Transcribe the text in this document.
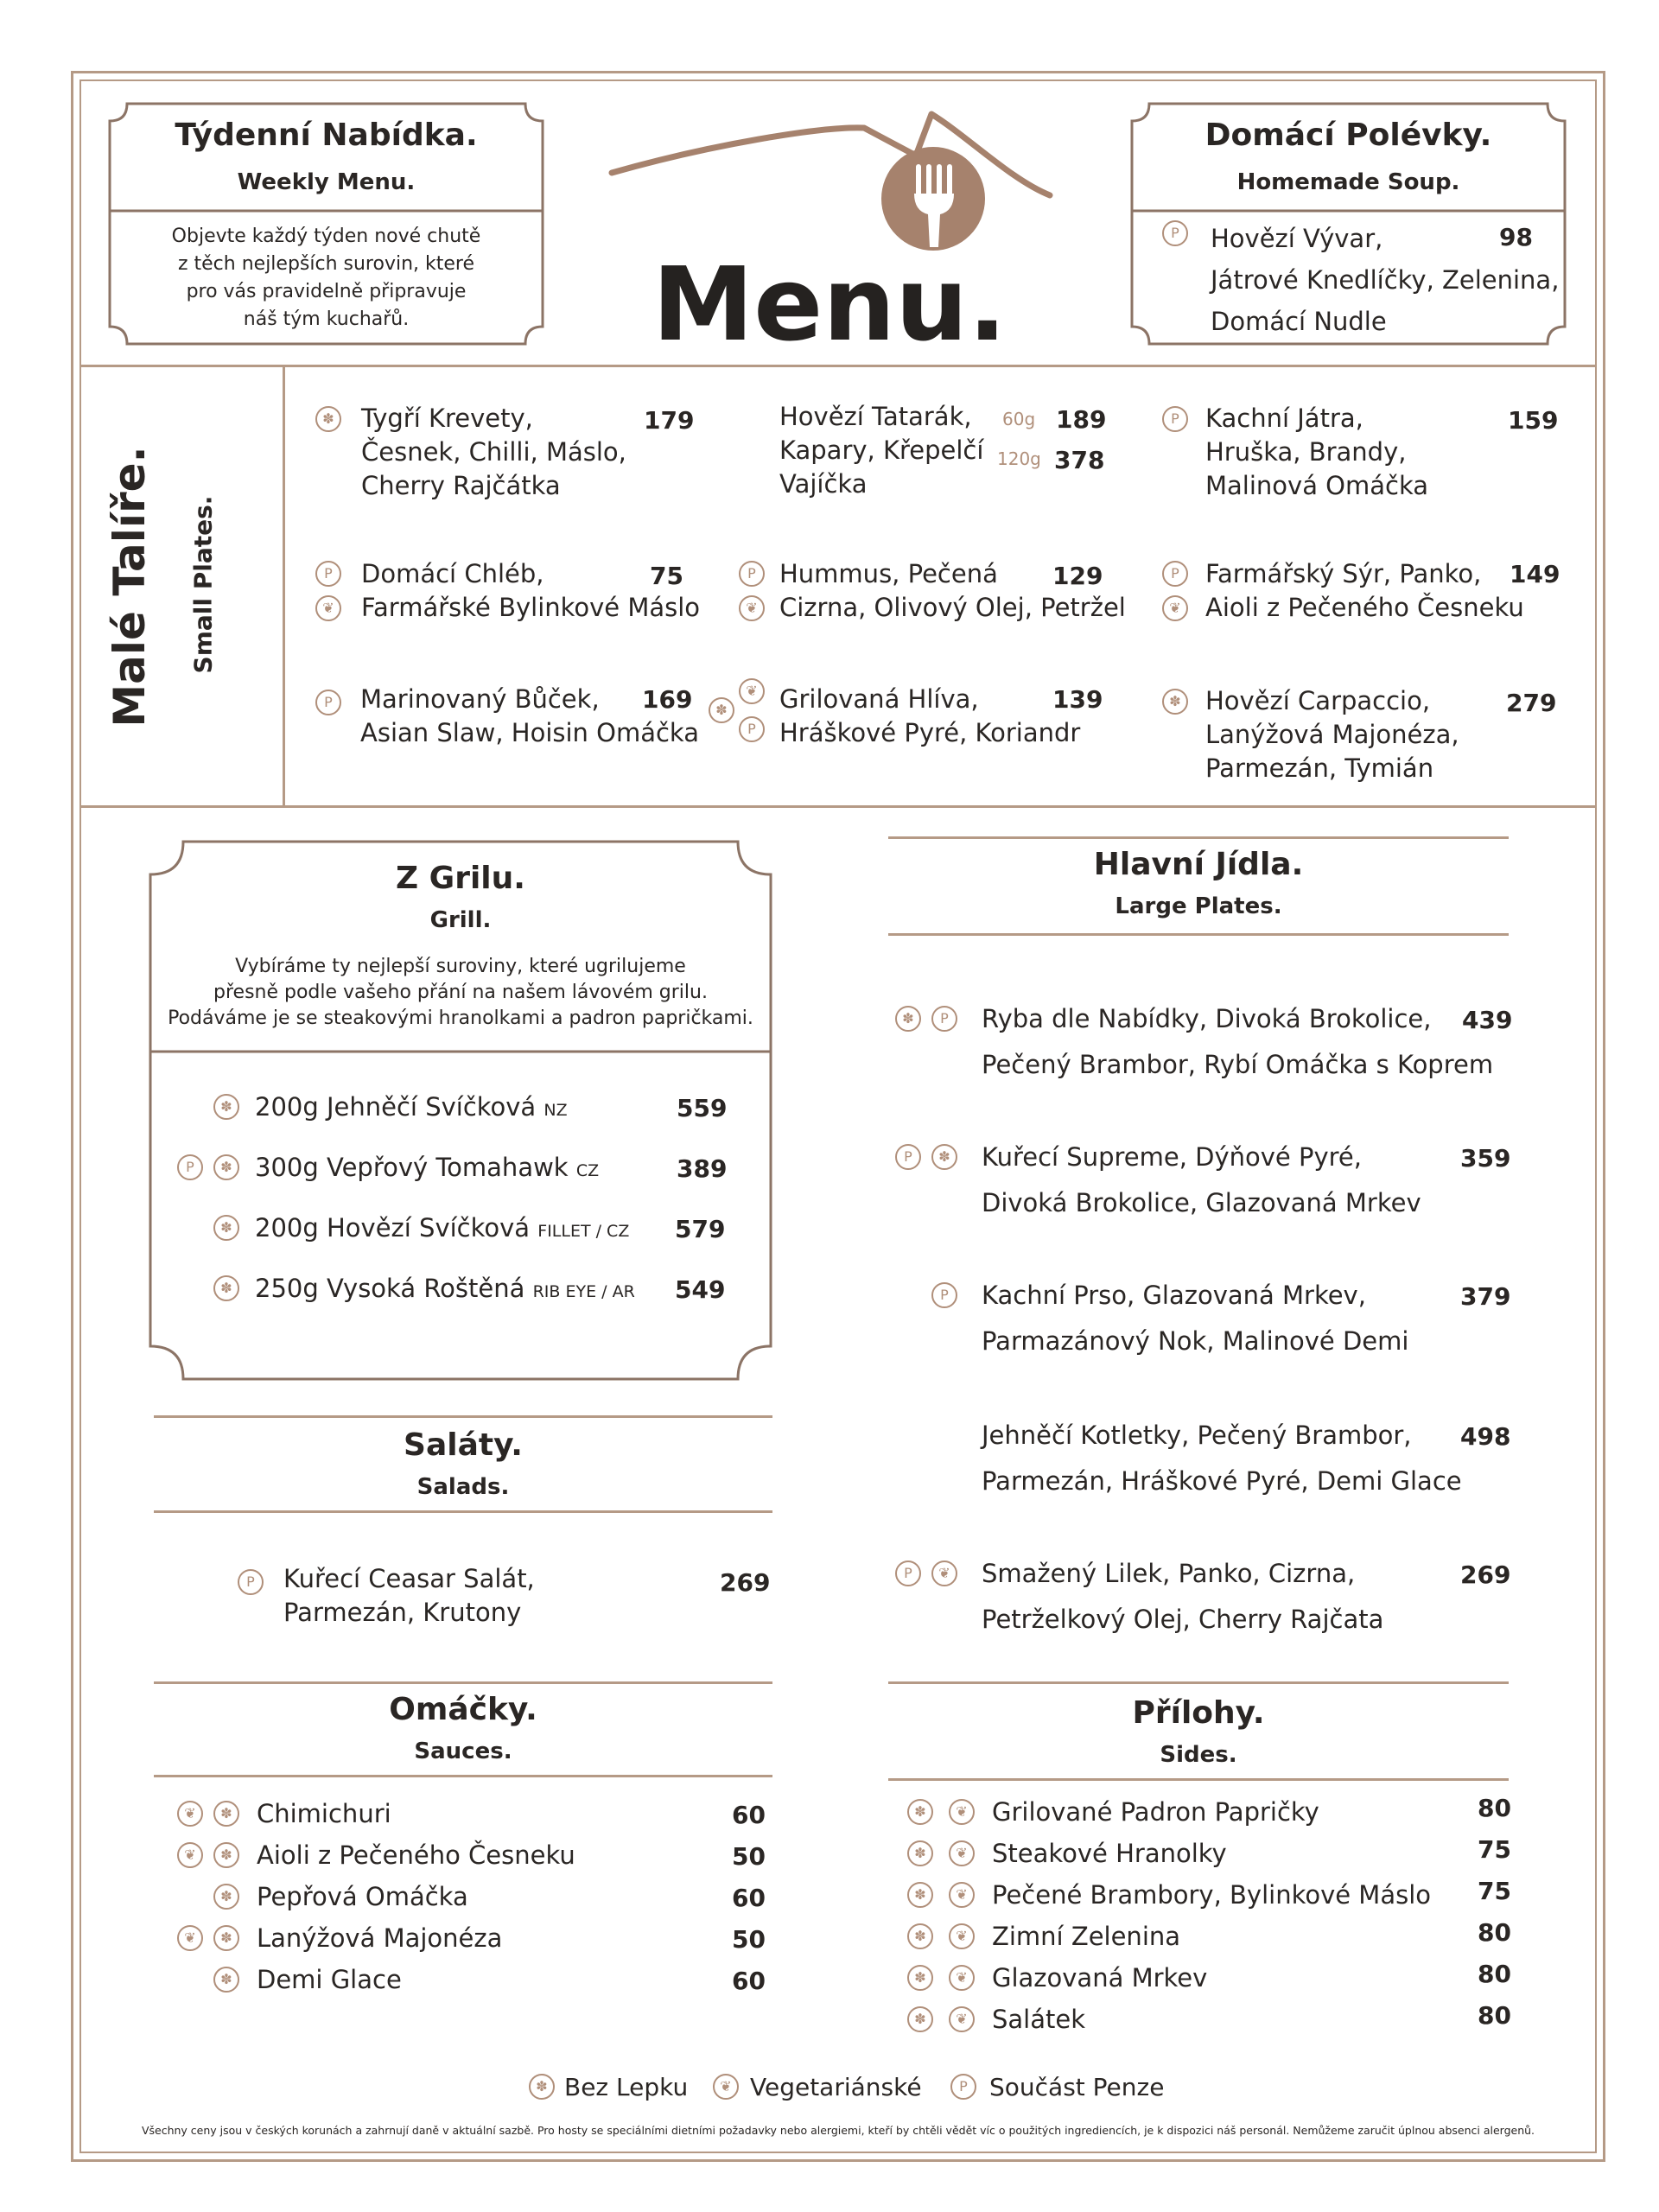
Týdenní Nabídka.
Weekly Menu.
Objevte každý týden nové chutě
z těch nejlepších surovin, které
pro vás pravidelně připravuje
náš tým kuchařů.	Menu.
Domácí Polévky.
Homemade Soup.
P	Hovězí Vývar,	98
Játrové Knedlíčky, Zelenina,
Domácí Nudle
Malé Talíře. Small Plates.
✽ Tygří Krevety,
Česnek, Chilli, Máslo,
Cherry Rajčátka
179
P
❦
Domácí Chléb,
Farmářské Bylinkové Máslo
75
P	Marinovaný Bůček,
Asian Slaw, Hoisin Omáčka
169
Hovězí Tatarák,
Kapary, Křepelčí
Vajíčka
60g 189
120g 378
P
❦
Hummus, Pečená
Cizrna, Olivový Olej, Petržel
129
❦
✽
P
Grilovaná Hlíva,
Hráškové Pyré, Koriandr
139
P	Kachní Játra,
Hruška, Brandy,
Malinová Omáčka
159
P
❦
Farmářský Sýr, Panko,
Aioli z Pečeného Česneku
149
✽ Hovězí Carpaccio,
Lanýžová Majonéza,
Parmezán, Tymián
279
Z Grilu.
Grill.
Vybíráme ty nejlepší suroviny, které ugrilujeme
přesně podle vašeho přání na našem lávovém grilu.
Podáváme je se steakovými hranolkami a padron papričkami.
✽ 200g Jehněčí Svíčková NZ	559
P	✽ 300g Vepřový Tomahawk CZ	389
✽ 200g Hovězí Svíčková FILLET / CZ 579
✽ 250g Vysoká Roštěná RIB EYE / AR 549
Hlavní Jídla.
Large Plates.
✽	P	Ryba dle Nabídky, Divoká Brokolice,
Pečený Brambor, Rybí Omáčka s Koprem
439
P	✽ Kuřecí Supreme, Dýňové Pyré,
Divoká Brokolice, Glazovaná Mrkev
359
P	Kachní Prso, Glazovaná Mrkev,
Parmazánový Nok, Malinové Demi
379
Jehněčí Kotletky, Pečený Brambor,
Parmezán, Hráškové Pyré, Demi Glace
498
P	❦ Smažený Lilek, Panko, Cizrna,
Petrželkový Olej, Cherry Rajčata
269
Saláty.
Salads.
P	Kuřecí Ceasar Salát,
Parmezán, Krutony
269
Omáčky.
Sauces.
❦	✽ Chimichuri	60
❦	✽ Aioli z Pečeného Česneku	50
✽ Pepřová Omáčka	60
❦	✽ Lanýžová Majonéza	50
✽ Demi Glace	60
Přílohy.
Sides.
✽	❦ Grilované Padron Papričky	80
✽	❦ Steakové Hranolky	75
✽	❦ Pečené Brambory, Bylinkové Máslo 75
✽	❦ Zimní Zelenina	80
✽	❦ Glazovaná Mrkev	80
✽	❦ Salátek	80
✽ Bez Lepku	❦ Vegetariánské	P Součást Penze
Všechny ceny jsou v českých korunách a zahrnují daně v aktuální sazbě. Pro hosty se speciálními dietními požadavky nebo alergiemi, kteří by chtěli vědět víc o použitých ingrediencích, je k dispozici náš personál. Nemůžeme zaručit úplnou absenci alergenů.
